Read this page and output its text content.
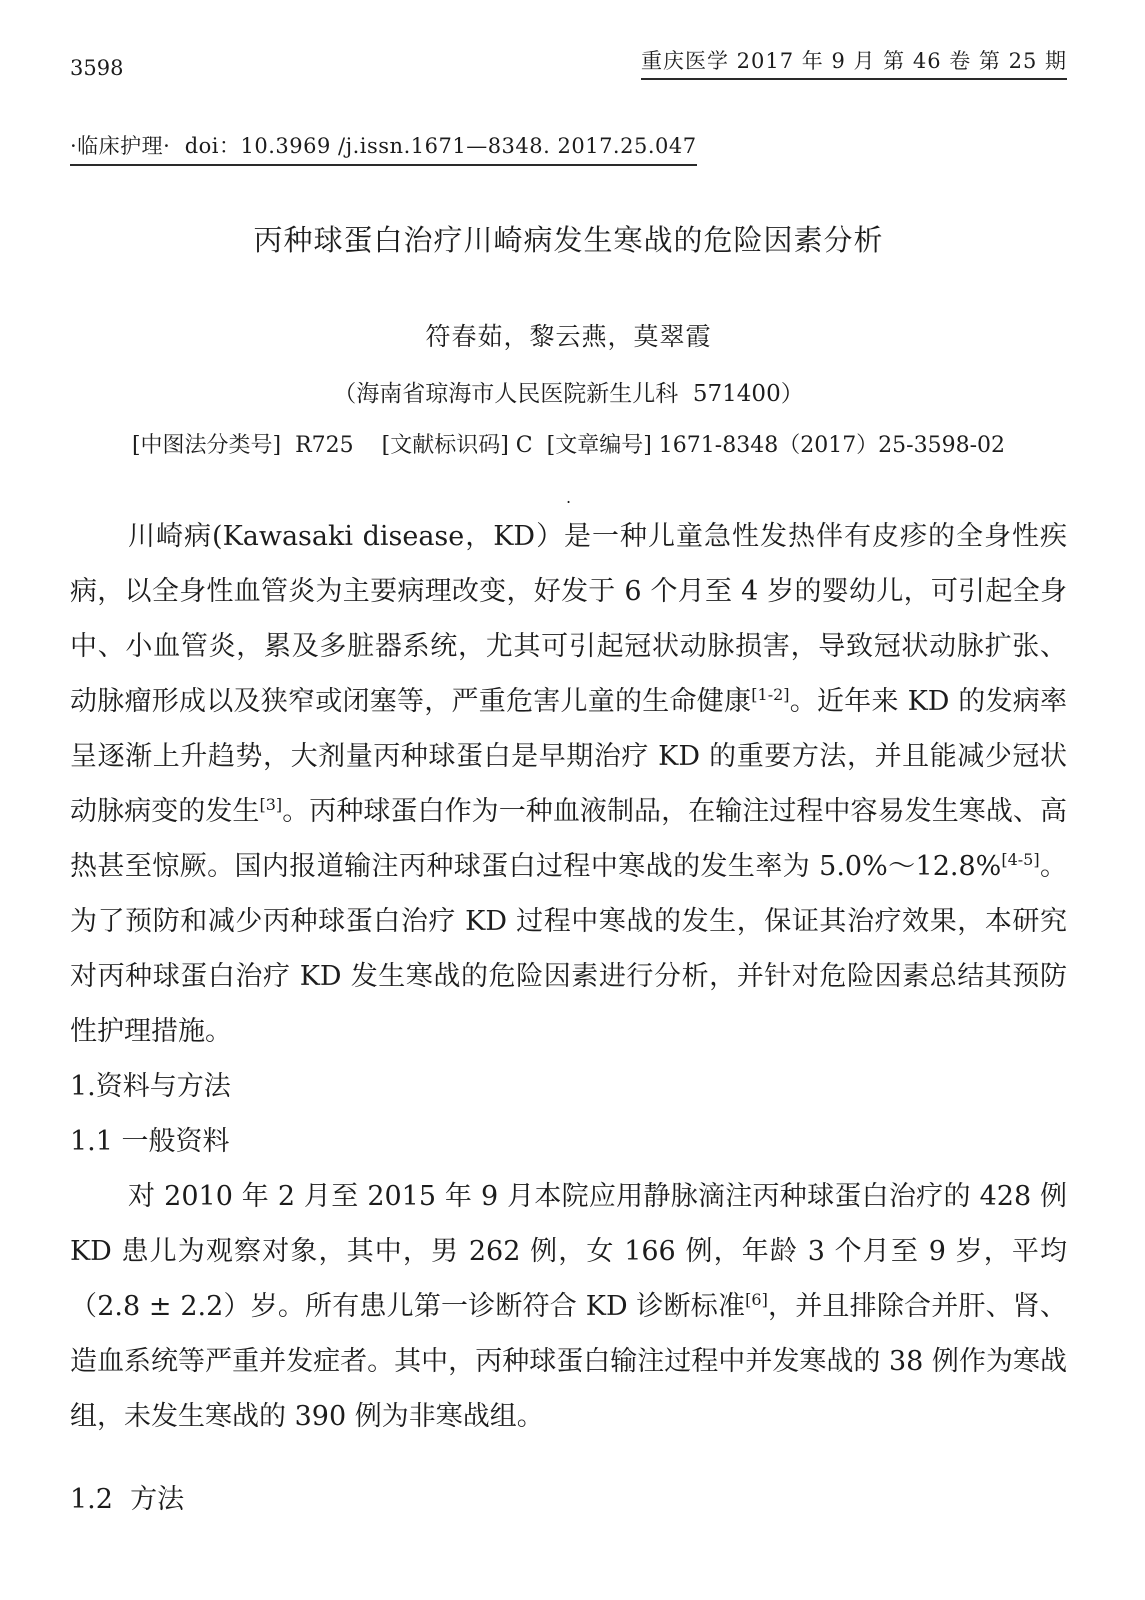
3598	重庆医学 2017 年 9 月 第 46 卷 第 25 期
·临床护理·  doi：10.3969 /j.issn.1671—8348. 2017.25.047
丙种球蛋白治疗川崎病发生寒战的危险因素分析
符春茹，黎云燕，莫翠霞
（海南省琼海市人民医院新生儿科  571400）
[中图法分类号]  R725    [文献标识码] C  [文章编号] 1671-8348（2017）25-3598-02
.

川崎病(Kawasaki disease，KD）是一种儿童急性发热伴有皮疹的全身性疾病，以全身性血管炎为主要病理改变，好发于 6 个月至 4 岁的婴幼儿，可引起全身中、小血管炎，累及多脏器系统，尤其可引起冠状动脉损害，导致冠状动脉扩张、动脉瘤形成以及狭窄或闭塞等，严重危害儿童的生命健康[1-2]。近年来 KD 的发病率呈逐渐上升趋势，大剂量丙种球蛋白是早期治疗 KD 的重要方法，并且能减少冠状动脉病变的发生[3]。丙种球蛋白作为一种血液制品，在输注过程中容易发生寒战、高热甚至惊厥。国内报道输注丙种球蛋白过程中寒战的发生率为 5.0%～12.8%[4-5]。为了预防和减少丙种球蛋白治疗 KD 过程中寒战的发生，保证其治疗效果，本研究对丙种球蛋白治疗 KD 发生寒战的危险因素进行分析，并针对危险因素总结其预防性护理措施。

1.资料与方法
1.1 一般资料

对 2010 年 2 月至 2015 年 9 月本院应用静脉滴注丙种球蛋白治疗的 428 例 KD 患儿为观察对象，其中，男 262 例，女 166 例，年龄 3 个月至 9 岁，平均（2.8 ± 2.2）岁。所有患儿第一诊断符合 KD 诊断标准[6]，并且排除合并肝、肾、造血系统等严重并发症者。其中，丙种球蛋白输注过程中并发寒战的 38 例作为寒战组，未发生寒战的 390 例为非寒战组。

1.2  方法
